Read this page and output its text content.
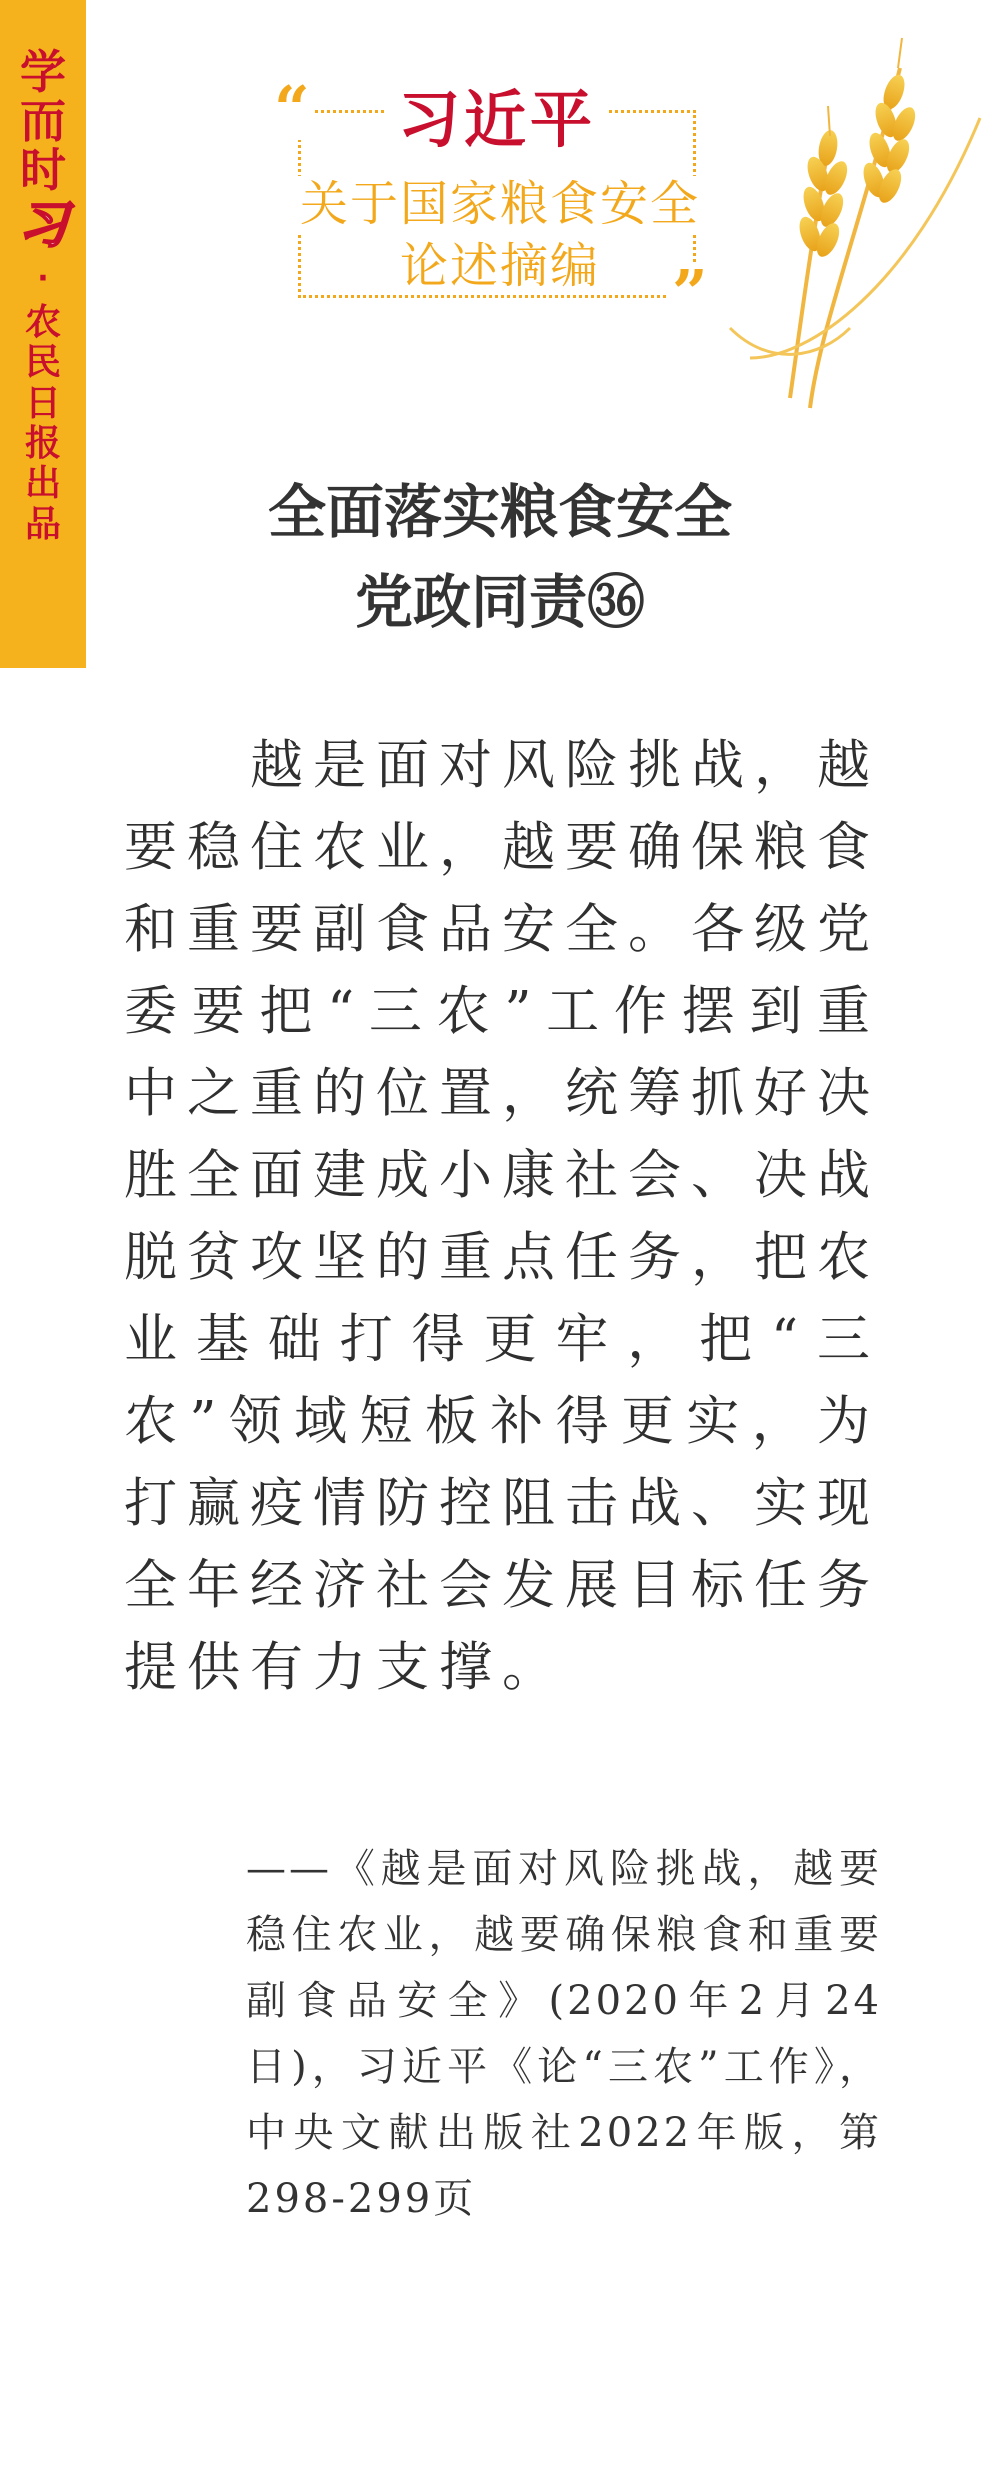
学
而
时
习
·
农
民
日
报
出
品
“
”
习近平
关于国家粮食安全
论述摘编
全面落实粮食安全
党政同责㊱

越是面对风险挑战，越要稳住农业，越要确保粮食和重要副食品安全。各级党委要把“三农”工作摆到重中之重的位置，统筹抓好决胜全面建成小康社会、决战脱贫攻坚的重点任务，把农业基础打得更牢，把“三农”领域短板补得更实，为打赢疫情防控阻击战、实现全年经济社会发展目标任务提供有力支撑。

——《越是面对风险挑战，越要稳住农业，越要确保粮食和重要副食品安全》(2020年2月24日)，习近平《论“三农”工作》，中央文献出版社2022年版，第298-299页
